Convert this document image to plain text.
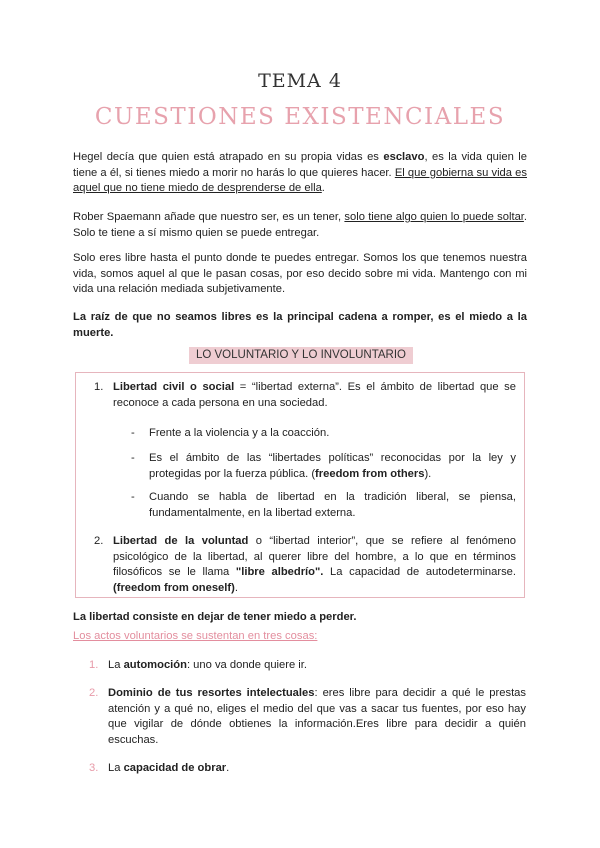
TEMA 4
CUESTIONES EXISTENCIALES
Hegel decía que quien está atrapado en su propia vidas es esclavo, es la vida quien le tiene a él, si tienes miedo a morir no harás lo que quieres hacer. El que gobierna su vida es aquel que no tiene miedo de desprenderse de ella.
Rober Spaemann añade que nuestro ser, es un tener, solo tiene algo quien lo puede soltar. Solo te tiene a sí mismo quien se puede entregar.
Solo eres libre hasta el punto donde te puedes entregar. Somos los que tenemos nuestra vida, somos aquel al que le pasan cosas, por eso decido sobre mi vida. Mantengo con mi vida una relación mediada subjetivamente.
La raíz de que no seamos libres es la principal cadena a romper, es el miedo a la muerte.
LO VOLUNTARIO Y LO INVOLUNTARIO
1. Libertad civil o social = “libertad externa”. Es el ámbito de libertad que se reconoce a cada persona en una sociedad.
- Frente a la violencia y a la coacción.
- Es el ámbito de las “libertades políticas” reconocidas por la ley y protegidas por la fuerza pública. (freedom from others).
- Cuando se habla de libertad en la tradición liberal, se piensa, fundamentalmente, en la libertad externa.
2. Libertad de la voluntad o “libertad interior”, que se refiere al fenómeno psicológico de la libertad, al querer libre del hombre, a lo que en términos filosóficos se le llama "libre albedrío". La capacidad de autodeterminarse. (freedom from oneself).
La libertad consiste en dejar de tener miedo a perder.
Los actos voluntarios se sustentan en tres cosas:
1. La automoción: uno va donde quiere ir.
2. Dominio de tus resortes intelectuales: eres libre para decidir a qué le prestas atención y a qué no, eliges el medio del que vas a sacar tus fuentes, por eso hay que vigilar de dónde obtienes la información.Eres libre para decidir a quién escuchas.
3. La capacidad de obrar.
